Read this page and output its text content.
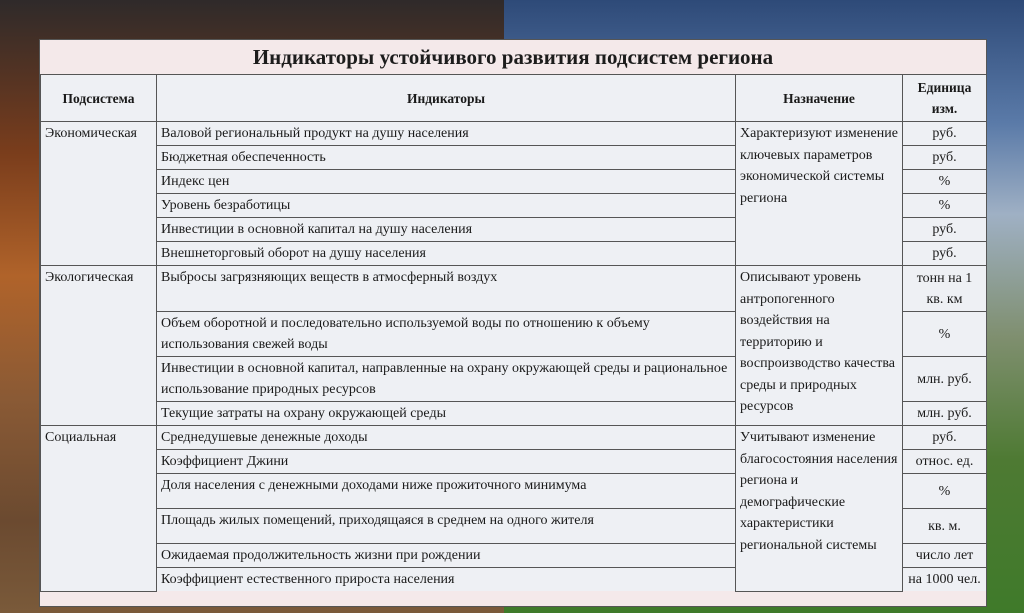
Индикаторы устойчивого развития подсистем региона
Подсистема	Индикаторы	Назначение	Единица изм.
Экономическая	Валовой региональный продукт на душу населения	Характеризуют изменение ключевых параметров экономической системы региона	руб.
	Бюджетная обеспеченность		руб.
	Индекс цен		%
	Уровень безработицы		%
	Инвестиции в основной капитал на душу населения		руб.
	Внешнеторговый оборот на душу населения		руб.
Экологическая	Выбросы загрязняющих веществ в атмосферный воздух	Описывают уровень антропогенного воздействия на территорию и воспроизводство качества среды и природных ресурсов	тонн на 1 кв. км
	Объем оборотной и последовательно используемой воды по отношению к объему использования свежей воды		%
	Инвестиции в основной капитал, направленные на охрану окружающей среды и рациональное использование природных ресурсов		млн. руб.
	Текущие затраты на охрану окружающей среды		млн. руб.
Социальная	Среднедушевые денежные доходы	Учитывают изменение благосостояния населения региона и демографические характеристики региональной системы	руб.
	Коэффициент Джини		относ. ед.
	Доля населения с денежными доходами ниже прожиточного минимума		%
	Площадь жилых помещений, приходящаяся в среднем на одного жителя		кв. м.
	Ожидаемая продолжительность жизни при рождении		число лет
	Коэффициент естественного прироста населения		на 1000 чел.
